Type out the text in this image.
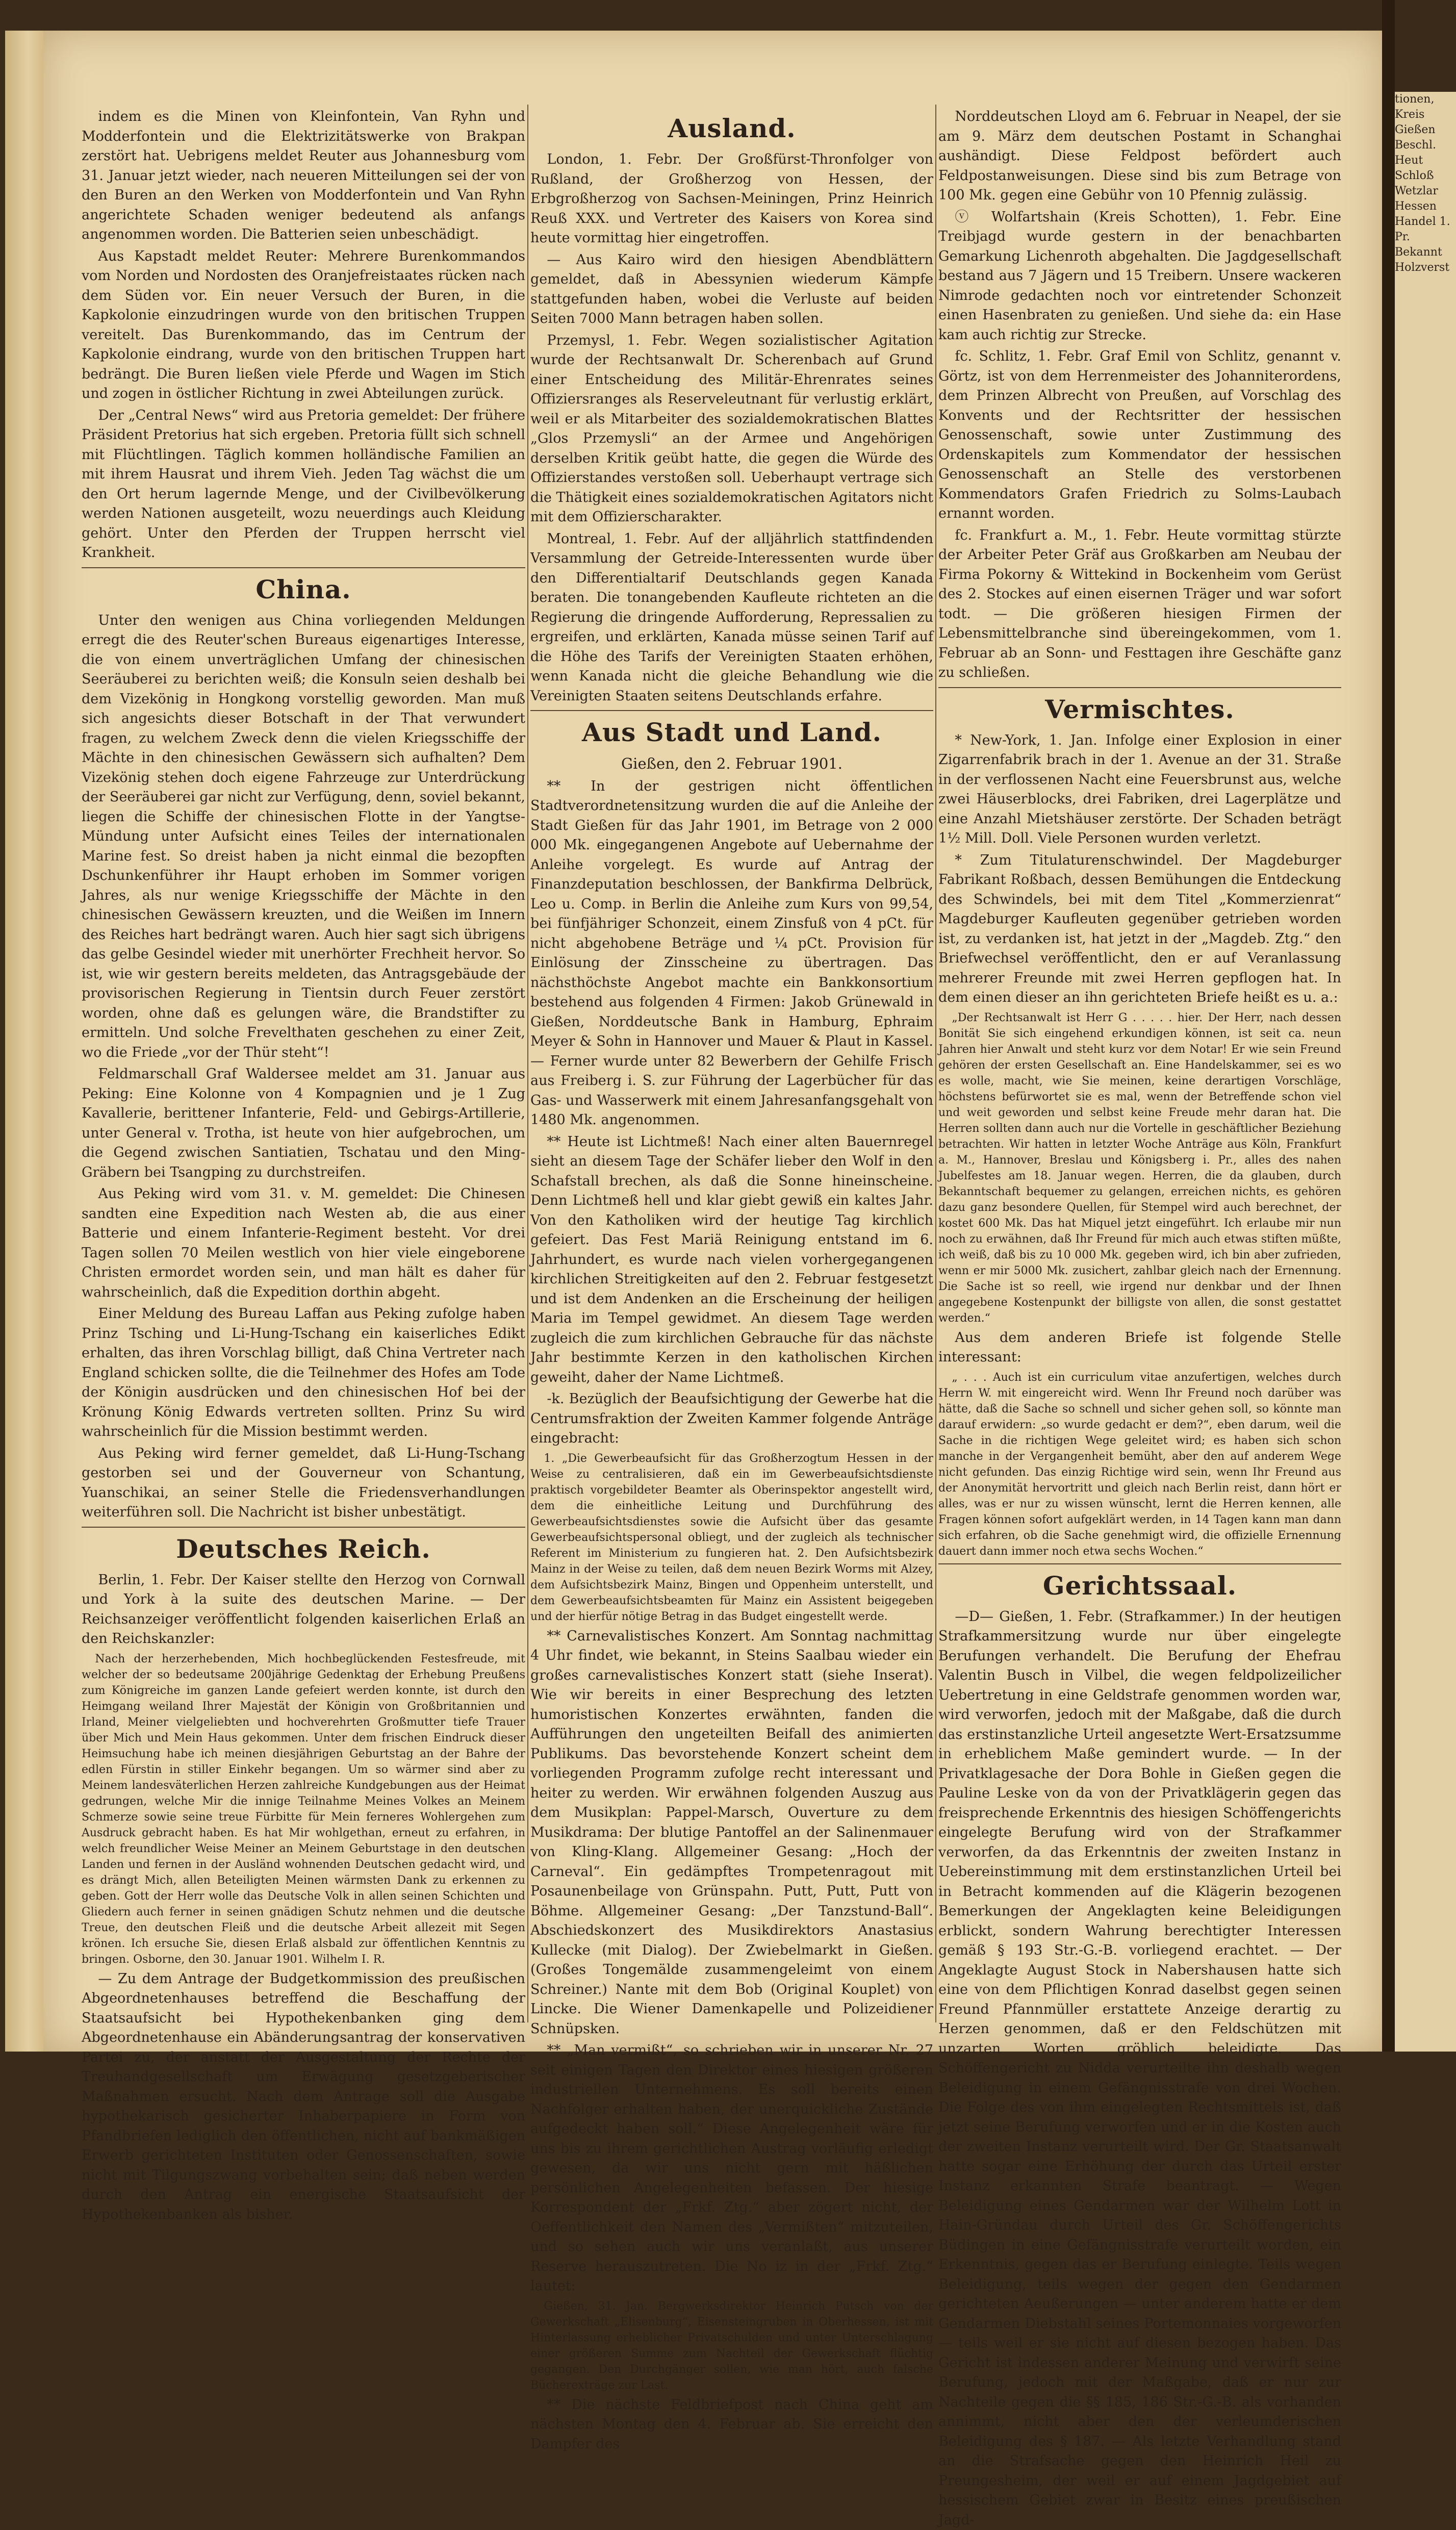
tionen, Kreis Gießen Beschl. Heut Schloß Wetzlar Hessen Handel 1. Pr. Bekannt Holzverst

indem es die Minen von Kleinfontein, Van Ryhn und Modderfontein und die Elektrizitätswerke von Brakpan zerstört hat. Uebrigens meldet Reuter aus Johannesburg vom 31. Januar jetzt wieder, nach neueren Mitteilungen sei der von den Buren an den Werken von Modderfontein und Van Ryhn angerichtete Schaden weniger bedeutend als anfangs angenommen worden. Die Batterien seien unbeschädigt.

Aus Kapstadt meldet Reuter: Mehrere Burenkommandos vom Norden und Nordosten des Oranjefreistaates rücken nach dem Süden vor. Ein neuer Versuch der Buren, in die Kapkolonie einzudringen wurde von den britischen Truppen vereitelt. Das Burenkommando, das im Centrum der Kapkolonie eindrang, wurde von den britischen Truppen hart bedrängt. Die Buren ließen viele Pferde und Wagen im Stich und zogen in östlicher Richtung in zwei Abteilungen zurück.

Der „Central News“ wird aus Pretoria gemeldet: Der frühere Präsident Pretorius hat sich ergeben. Pretoria füllt sich schnell mit Flüchtlingen. Täglich kommen holländische Familien an mit ihrem Hausrat und ihrem Vieh. Jeden Tag wächst die um den Ort herum lagernde Menge, und der Civilbevölkerung werden Nationen ausgeteilt, wozu neuerdings auch Kleidung gehört. Unter den Pferden der Truppen herrscht viel Krankheit.

China.

Unter den wenigen aus China vorliegenden Meldungen erregt die des Reuter'schen Bureaus eigenartiges Interesse, die von einem unverträglichen Umfang der chinesischen Seeräuberei zu berichten weiß; die Konsuln seien deshalb bei dem Vizekönig in Hongkong vorstellig geworden. Man muß sich angesichts dieser Botschaft in der That verwundert fragen, zu welchem Zweck denn die vielen Kriegsschiffe der Mächte in den chinesischen Gewässern sich aufhalten? Dem Vizekönig stehen doch eigene Fahrzeuge zur Unterdrückung der Seeräuberei gar nicht zur Verfügung, denn, soviel bekannt, liegen die Schiffe der chinesischen Flotte in der Yangtse-Mündung unter Aufsicht eines Teiles der internationalen Marine fest. So dreist haben ja nicht einmal die bezopften Dschunkenführer ihr Haupt erhoben im Sommer vorigen Jahres, als nur wenige Kriegsschiffe der Mächte in den chinesischen Gewässern kreuzten, und die Weißen im Innern des Reiches hart bedrängt waren. Auch hier sagt sich übrigens das gelbe Gesindel wieder mit unerhörter Frechheit hervor. So ist, wie wir gestern bereits meldeten, das Antragsgebäude der provisorischen Regierung in Tientsin durch Feuer zerstört worden, ohne daß es gelungen wäre, die Brandstifter zu ermitteln. Und solche Frevelthaten geschehen zu einer Zeit, wo die Friede „vor der Thür steht“!

Feldmarschall Graf Waldersee meldet am 31. Januar aus Peking: Eine Kolonne von 4 Kompagnien und je 1 Zug Kavallerie, berittener Infanterie, Feld- und Gebirgs-Artillerie, unter General v. Trotha, ist heute von hier aufgebrochen, um die Gegend zwischen Santiatien, Tschatau und den Ming-Gräbern bei Tsangping zu durchstreifen.

Aus Peking wird vom 31. v. M. gemeldet: Die Chinesen sandten eine Expedition nach Westen ab, die aus einer Batterie und einem Infanterie-Regiment besteht. Vor drei Tagen sollen 70 Meilen westlich von hier viele eingeborene Christen ermordet worden sein, und man hält es daher für wahrscheinlich, daß die Expedition dorthin abgeht.

Einer Meldung des Bureau Laffan aus Peking zufolge haben Prinz Tsching und Li-Hung-Tschang ein kaiserliches Edikt erhalten, das ihren Vorschlag billigt, daß China Vertreter nach England schicken sollte, die die Teilnehmer des Hofes am Tode der Königin ausdrücken und den chinesischen Hof bei der Krönung König Edwards vertreten sollten. Prinz Su wird wahrscheinlich für die Mission bestimmt werden.

Aus Peking wird ferner gemeldet, daß Li-Hung-Tschang gestorben sei und der Gouverneur von Schantung, Yuanschikai, an seiner Stelle die Friedensverhandlungen weiterführen soll. Die Nachricht ist bisher unbestätigt.

Deutsches Reich.

Berlin, 1. Febr. Der Kaiser stellte den Herzog von Cornwall und York à la suite des deutschen Marine. — Der Reichsanzeiger veröffentlicht folgenden kaiserlichen Erlaß an den Reichskanzler:

Nach der herzerhebenden, Mich hochbeglückenden Festesfreude, mit welcher der so bedeutsame 200jährige Gedenktag der Erhebung Preußens zum Königreiche im ganzen Lande gefeiert werden konnte, ist durch den Heimgang weiland Ihrer Majestät der Königin von Großbritannien und Irland, Meiner vielgeliebten und hochverehrten Großmutter tiefe Trauer über Mich und Mein Haus gekommen. Unter dem frischen Eindruck dieser Heimsuchung habe ich meinen diesjährigen Geburtstag an der Bahre der edlen Fürstin in stiller Einkehr begangen. Um so wärmer sind aber zu Meinem landesväterlichen Herzen zahlreiche Kundgebungen aus der Heimat gedrungen, welche Mir die innige Teilnahme Meines Volkes an Meinem Schmerze sowie seine treue Fürbitte für Mein ferneres Wohlergehen zum Ausdruck gebracht haben. Es hat Mir wohlgethan, erneut zu erfahren, in welch freundlicher Weise Meiner an Meinem Geburtstage in den deutschen Landen und fernen in der Ausländ wohnenden Deutschen gedacht wird, und es drängt Mich, allen Beteiligten Meinen wärmsten Dank zu erkennen zu geben. Gott der Herr wolle das Deutsche Volk in allen seinen Schichten und Gliedern auch ferner in seinen gnädigen Schutz nehmen und die deutsche Treue, den deutschen Fleiß und die deutsche Arbeit allezeit mit Segen krönen. Ich ersuche Sie, diesen Erlaß alsbald zur öffentlichen Kenntnis zu bringen. Osborne, den 30. Januar 1901. Wilhelm I. R.

— Zu dem Antrage der Budgetkommission des preußischen Abgeordnetenhauses betreffend die Beschaffung der Staatsaufsicht bei Hypothekenbanken ging dem Abgeordnetenhause ein Abänderungsantrag der konservativen Partei zu, der anstatt der Ausgestaltung der Rechte der Treuhandgesellschaft um Erwägung gesetzgeberischer Maßnahmen ersucht. Nach dem Antrage soll die Ausgabe hypothekarisch gesicherter Inhaberpapiere in Form von Pfandbriefen lediglich den öffentlichen, nicht auf bankmäßigen Erwerb gerichteten Instituten oder Genossenschaften, sowie nicht mit Tilgungszwang vorbehalten sein; daß neben werden durch den Antrag ein energische Staatsaufsicht der Hypothekenbanken als bisher.

Ausland.

London, 1. Febr. Der Großfürst-Thronfolger von Rußland, der Großherzog von Hessen, der Erbgroßherzog von Sachsen-Meiningen, Prinz Heinrich Reuß XXX. und Vertreter des Kaisers von Korea sind heute vormittag hier eingetroffen.

— Aus Kairo wird den hiesigen Abendblättern gemeldet, daß in Abessynien wiederum Kämpfe stattgefunden haben, wobei die Verluste auf beiden Seiten 7000 Mann betragen haben sollen.

Przemysl, 1. Febr. Wegen sozialistischer Agitation wurde der Rechtsanwalt Dr. Scherenbach auf Grund einer Entscheidung des Militär-Ehrenrates seines Offiziersranges als Reserveleutnant für verlustig erklärt, weil er als Mitarbeiter des sozialdemokratischen Blattes „Glos Przemysli“ an der Armee und Angehörigen derselben Kritik geübt hatte, die gegen die Würde des Offizierstandes verstoßen soll. Ueberhaupt vertrage sich die Thätigkeit eines sozialdemokratischen Agitators nicht mit dem Offizierscharakter.

Montreal, 1. Febr. Auf der alljährlich stattfindenden Versammlung der Getreide-Interessenten wurde über den Differentialtarif Deutschlands gegen Kanada beraten. Die tonangebenden Kaufleute richteten an die Regierung die dringende Aufforderung, Repressalien zu ergreifen, und erklärten, Kanada müsse seinen Tarif auf die Höhe des Tarifs der Vereinigten Staaten erhöhen, wenn Kanada nicht die gleiche Behandlung wie die Vereinigten Staaten seitens Deutschlands erfahre.

Aus Stadt und Land.
Gießen, den 2. Februar 1901.

** In der gestrigen nicht öffentlichen Stadtverordnetensitzung wurden die auf die Anleihe der Stadt Gießen für das Jahr 1901, im Betrage von 2 000 000 Mk. eingegangenen Angebote auf Uebernahme der Anleihe vorgelegt. Es wurde auf Antrag der Finanzdeputation beschlossen, der Bankfirma Delbrück, Leo u. Comp. in Berlin die Anleihe zum Kurs von 99,54, bei fünfjähriger Schonzeit, einem Zinsfuß von 4 pCt. für nicht abgehobene Beträge und ¼ pCt. Provision für Einlösung der Zinsscheine zu übertragen. Das nächsthöchste Angebot machte ein Bankkonsortium bestehend aus folgenden 4 Firmen: Jakob Grünewald in Gießen, Norddeutsche Bank in Hamburg, Ephraim Meyer & Sohn in Hannover und Mauer & Plaut in Kassel. — Ferner wurde unter 82 Bewerbern der Gehilfe Frisch aus Freiberg i. S. zur Führung der Lagerbücher für das Gas- und Wasserwerk mit einem Jahresanfangsgehalt von 1480 Mk. angenommen.

** Heute ist Lichtmeß! Nach einer alten Bauernregel sieht an diesem Tage der Schäfer lieber den Wolf in den Schafstall brechen, als daß die Sonne hineinscheine. Denn Lichtmeß hell und klar giebt gewiß ein kaltes Jahr. Von den Katholiken wird der heutige Tag kirchlich gefeiert. Das Fest Mariä Reinigung entstand im 6. Jahrhundert, es wurde nach vielen vorhergegangenen kirchlichen Streitigkeiten auf den 2. Februar festgesetzt und ist dem Andenken an die Erscheinung der heiligen Maria im Tempel gewidmet. An diesem Tage werden zugleich die zum kirchlichen Gebrauche für das nächste Jahr bestimmte Kerzen in den katholischen Kirchen geweiht, daher der Name Lichtmeß.

-k. Bezüglich der Beaufsichtigung der Gewerbe hat die Centrumsfraktion der Zweiten Kammer folgende Anträge eingebracht:

1. „Die Gewerbeaufsicht für das Großherzogtum Hessen in der Weise zu centralisieren, daß ein im Gewerbeaufsichtsdienste praktisch vorgebildeter Beamter als Oberinspektor angestellt wird, dem die einheitliche Leitung und Durchführung des Gewerbeaufsichtsdienstes sowie die Aufsicht über das gesamte Gewerbeaufsichtspersonal obliegt, und der zugleich als technischer Referent im Ministerium zu fungieren hat. 2. Den Aufsichtsbezirk Mainz in der Weise zu teilen, daß dem neuen Bezirk Worms mit Alzey, dem Aufsichtsbezirk Mainz, Bingen und Oppenheim unterstellt, und dem Gewerbeaufsichtsbeamten für Mainz ein Assistent beigegeben und der hierfür nötige Betrag in das Budget eingestellt werde.

** Carnevalistisches Konzert. Am Sonntag nachmittag 4 Uhr findet, wie bekannt, in Steins Saalbau wieder ein großes carnevalistisches Konzert statt (siehe Inserat). Wie wir bereits in einer Besprechung des letzten humoristischen Konzertes erwähnten, fanden die Aufführungen den ungeteilten Beifall des animierten Publikums. Das bevorstehende Konzert scheint dem vorliegenden Programm zufolge recht interessant und heiter zu werden. Wir erwähnen folgenden Auszug aus dem Musikplan: Pappel-Marsch, Ouverture zu dem Musikdrama: Der blutige Pantoffel an der Salinenmauer von Kling-Klang. Allgemeiner Gesang: „Hoch der Carneval“. Ein gedämpftes Trompetenragout mit Posaunenbeilage von Grünspahn. Putt, Putt, Putt von Böhme. Allgemeiner Gesang: „Der Tanzstund-Ball“. Abschiedskonzert des Musikdirektors Anastasius Kullecke (mit Dialog). Der Zwiebelmarkt in Gießen. (Großes Tongemälde zusammengeleimt von einem Schreiner.) Nante mit dem Bob (Original Kouplet) von Lincke. Die Wiener Damenkapelle und Polizeidiener Schnüpsken.

** „Man vermißt“, so schrieben wir in unserer Nr. 27 seit einigen Tagen den Direktor eines hiesigen größeren industriellen Unternehmens. Es soll bereits einen Nachfolger erhalten haben, der unerquickliche Zustände aufgedeckt haben soll.“ Diese Angelegenheit wäre für uns bis zu ihrem gerichtlichen Austrag vorläufig erledigt gewesen, da wir uns nicht gern mit häßlichen persönlichen Angelegenheiten befassen. Der hiesige Korrespondent der „Frkf. Ztg.“ aber zögert nicht, der Oeffentlichkeit den Namen des „Vermißten“ mitzuteilen, und so sehen auch wir uns veranlaßt, aus unserer Reserve herauszutreten. Die No iz in der „Frkf. Ztg.“ lautet:

Gießen, 31. Jan. Bergwerksdirektor Heinrich Putsch von der Gewerkschaft „Elisenburg“, Eisensteingruben in Oberhessen, ist mit Hinterlassung erheblicher Privatschulden und unter Unterschlagung einer größeren Summe zum Nachteil der Gewerkschaft flüchtig gegangen. Den Durchgänger sollen, wie man hört, auch falsche Bücherexträge zur Last.

** Die nächste Feldbriefpost nach China geht am nächsten Montag den 4. Februar ab. Sie erreicht den Dampfer des

Norddeutschen Lloyd am 6. Februar in Neapel, der sie am 9. März dem deutschen Postamt in Schanghai aushändigt. Diese Feldpost befördert auch Feldpostanweisungen. Diese sind bis zum Betrage von 100 Mk. gegen eine Gebühr von 10 Pfennig zulässig.

ⓥ Wolfartshain (Kreis Schotten), 1. Febr. Eine Treibjagd wurde gestern in der benachbarten Gemarkung Lichenroth abgehalten. Die Jagdgesellschaft bestand aus 7 Jägern und 15 Treibern. Unsere wackeren Nimrode gedachten noch vor eintretender Schonzeit einen Hasenbraten zu genießen. Und siehe da: ein Hase kam auch richtig zur Strecke.

fc. Schlitz, 1. Febr. Graf Emil von Schlitz, genannt v. Görtz, ist von dem Herrenmeister des Johanniterordens, dem Prinzen Albrecht von Preußen, auf Vorschlag des Konvents und der Rechtsritter der hessischen Genossenschaft, sowie unter Zustimmung des Ordenskapitels zum Kommendator der hessischen Genossenschaft an Stelle des verstorbenen Kommendators Grafen Friedrich zu Solms-Laubach ernannt worden.

fc. Frankfurt a. M., 1. Febr. Heute vormittag stürzte der Arbeiter Peter Gräf aus Großkarben am Neubau der Firma Pokorny & Wittekind in Bockenheim vom Gerüst des 2. Stockes auf einen eisernen Träger und war sofort todt. — Die größeren hiesigen Firmen der Lebensmittelbranche sind übereingekommen, vom 1. Februar ab an Sonn- und Festtagen ihre Geschäfte ganz zu schließen.

Vermischtes.

* New-York, 1. Jan. Infolge einer Explosion in einer Zigarrenfabrik brach in der 1. Avenue an der 31. Straße in der verflossenen Nacht eine Feuersbrunst aus, welche zwei Häuserblocks, drei Fabriken, drei Lagerplätze und eine Anzahl Mietshäuser zerstörte. Der Schaden beträgt 1½ Mill. Doll. Viele Personen wurden verletzt.

* Zum Titulaturenschwindel. Der Magdeburger Fabrikant Roßbach, dessen Bemühungen die Entdeckung des Schwindels, bei mit dem Titel „Kommerzienrat“ Magdeburger Kaufleuten gegenüber getrieben worden ist, zu verdanken ist, hat jetzt in der „Magdeb. Ztg.“ den Briefwechsel veröffentlicht, den er auf Veranlassung mehrerer Freunde mit zwei Herren gepflogen hat. In dem einen dieser an ihn gerichteten Briefe heißt es u. a.:

„Der Rechtsanwalt ist Herr G . . . . . hier. Der Herr, nach dessen Bonität Sie sich eingehend erkundigen können, ist seit ca. neun Jahren hier Anwalt und steht kurz vor dem Notar! Er wie sein Freund gehören der ersten Gesellschaft an. Eine Handelskammer, sei es wo es wolle, macht, wie Sie meinen, keine derartigen Vorschläge, höchstens befürwortet sie es mal, wenn der Betreffende schon viel und weit geworden und selbst keine Freude mehr daran hat. Die Herren sollten dann auch nur die Vortelle in geschäftlicher Beziehung betrachten. Wir hatten in letzter Woche Anträge aus Köln, Frankfurt a. M., Hannover, Breslau und Königsberg i. Pr., alles des nahen Jubelfestes am 18. Januar wegen. Herren, die da glauben, durch Bekanntschaft bequemer zu gelangen, erreichen nichts, es gehören dazu ganz besondere Quellen, für Stempel wird auch berechnet, der kostet 600 Mk. Das hat Miquel jetzt eingeführt. Ich erlaube mir nun noch zu erwähnen, daß Ihr Freund für mich auch etwas stiften müßte, ich weiß, daß bis zu 10 000 Mk. gegeben wird, ich bin aber zufrieden, wenn er mir 5000 Mk. zusichert, zahlbar gleich nach der Ernennung. Die Sache ist so reell, wie irgend nur denkbar und der Ihnen angegebene Kostenpunkt der billigste von allen, die sonst gestattet werden.“

Aus dem anderen Briefe ist folgende Stelle interessant:

„ . . . Auch ist ein curriculum vitae anzufertigen, welches durch Herrn W. mit eingereicht wird. Wenn Ihr Freund noch darüber was hätte, daß die Sache so schnell und sicher gehen soll, so könnte man darauf erwidern: „so wurde gedacht er dem?“, eben darum, weil die Sache in die richtigen Wege geleitet wird; es haben sich schon manche in der Vergangenheit bemüht, aber den auf anderem Wege nicht gefunden. Das einzig Richtige wird sein, wenn Ihr Freund aus der Anonymität hervortritt und gleich nach Berlin reist, dann hört er alles, was er nur zu wissen wünscht, lernt die Herren kennen, alle Fragen können sofort aufgeklärt werden, in 14 Tagen kann man dann sich erfahren, ob die Sache genehmigt wird, die offizielle Ernennung dauert dann immer noch etwa sechs Wochen.“

Gerichtssaal.

—D— Gießen, 1. Febr. (Strafkammer.) In der heutigen Strafkammersitzung wurde nur über eingelegte Berufungen verhandelt. Die Berufung der Ehefrau Valentin Busch in Vilbel, die wegen feldpolizeilicher Uebertretung in eine Geldstrafe genommen worden war, wird verworfen, jedoch mit der Maßgabe, daß die durch das erstinstanzliche Urteil angesetzte Wert-Ersatzsumme in erheblichem Maße gemindert wurde. — In der Privatklagesache der Dora Bohle in Gießen gegen die Pauline Leske von da von der Privatklägerin gegen das freisprechende Erkenntnis des hiesigen Schöffengerichts eingelegte Berufung wird von der Strafkammer verworfen, da das Erkenntnis der zweiten Instanz in Uebereinstimmung mit dem erstinstanzlichen Urteil bei in Betracht kommenden auf die Klägerin bezogenen Bemerkungen der Angeklagten keine Beleidigungen erblickt, sondern Wahrung berechtigter Interessen gemäß § 193 Str.-G.-B. vorliegend erachtet. — Der Angeklagte August Stock in Nabershausen hatte sich eine von dem Pflichtigen Konrad daselbst gegen seinen Freund Pfannmüller erstattete Anzeige derartig zu Herzen genommen, daß er den Feldschützen mit unzarten Worten gröblich beleidigte. Das Schöffengericht zu Nidda verurteilte ihn deshalb wegen Beleidigung in einem Gefängnisstrafe von drei Wochen. Die Folge des von ihm eingelegten Rechtsmittels ist, daß jetzt seine Berufung verworfen und er in die Kosten auch der zweiten Instanz verurteilt wird. Der Gr. Staatsanwalt hatte sogar eine Erhöhung der durch das Urteil erster Instanz erkannten Strafe beantragt. — Wegen Beleidigung eines Gendarmen war der Wilhelm Lott in Hain-Gründau durch Urteil des Gr. Schöffengerichts Büdingen in eine Gefängnisstrafe verurteilt worden, ein Erkenntnis, gegen das er Berufung einlegte. Teils wegen Beleidigung, teils wegen der gegen den Gendarmen gerichteten Aeußerungen — unter anderem hatte er dem Gendarmen Diebstahl seines Portemonnaies vorgeworfen — teils weil er sie nicht auf diesen bezogen haben. Das Gericht ist indessen anderer Meinung und verwirft seine Berufung, jedoch mit der Maßgabe, daß er nur zur Nachteile gegen die §§ 185, 186 Str.-G.-B. als vorhanden annimmt, nicht aber den der verleumderischen Beleidigung des § 187. — Als letzte Verhandlung stand an die Strafsache gegen den Heinrich Heil zu Preungesheim, der weil er auf einem Jagdgebiet auf hessischem Gebiet zwar in Besitz eines preußischen Jagd-
